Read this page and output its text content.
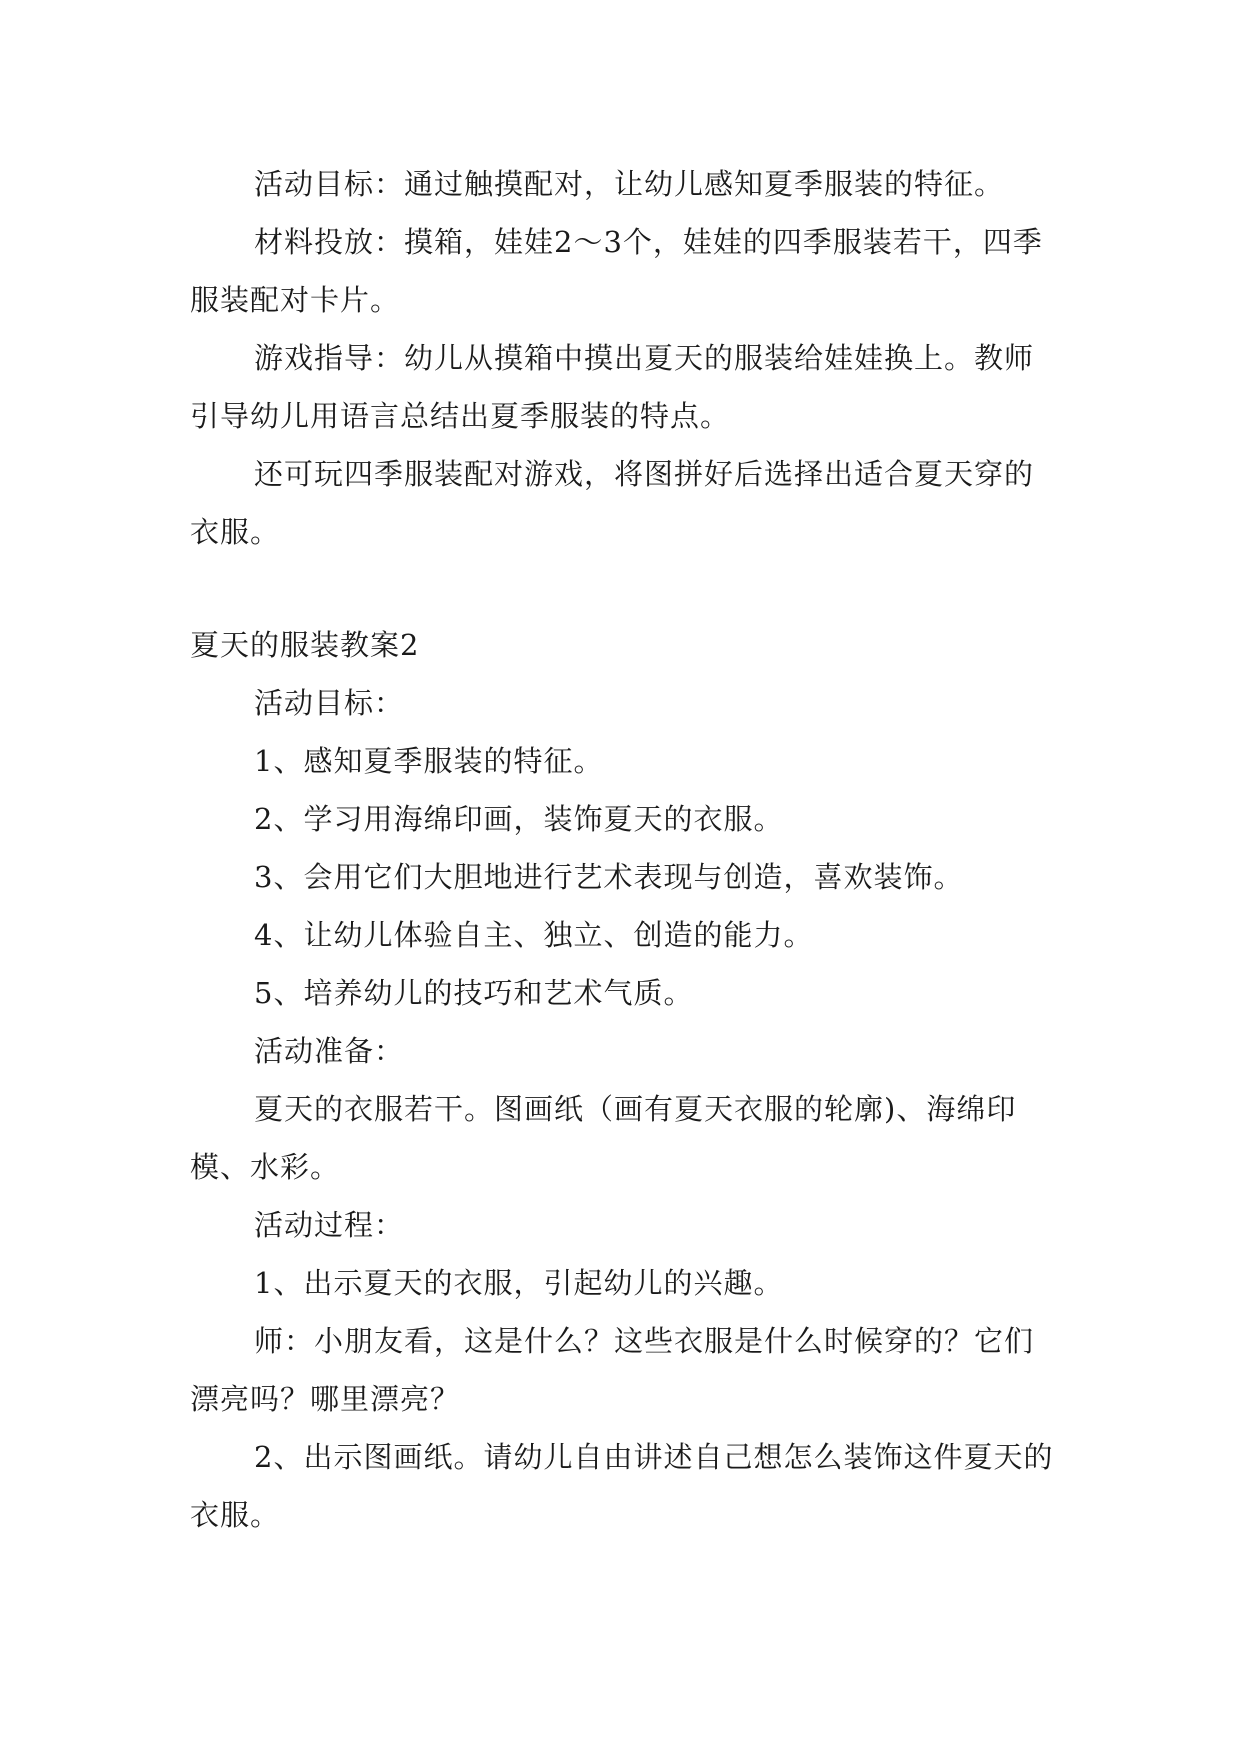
活动目标：通过触摸配对，让幼儿感知夏季服装的特征。

材料投放：摸箱，娃娃2～3个，娃娃的四季服装若干，四季服装配对卡片。

游戏指导：幼儿从摸箱中摸出夏天的服装给娃娃换上。教师引导幼儿用语言总结出夏季服装的特点。

还可玩四季服装配对游戏，将图拼好后选择出适合夏天穿的衣服。

夏天的服装教案2

活动目标：

1、感知夏季服装的特征。

2、学习用海绵印画，装饰夏天的衣服。

3、会用它们大胆地进行艺术表现与创造，喜欢装饰。

4、让幼儿体验自主、独立、创造的能力。

5、培养幼儿的技巧和艺术气质。

活动准备：

夏天的衣服若干。图画纸（画有夏天衣服的轮廓)、海绵印模、水彩。

活动过程：

1、出示夏天的衣服，引起幼儿的兴趣。

师：小朋友看，这是什么？这些衣服是什么时候穿的？它们漂亮吗？哪里漂亮？

2、出示图画纸。请幼儿自由讲述自己想怎么装饰这件夏天的衣服。
